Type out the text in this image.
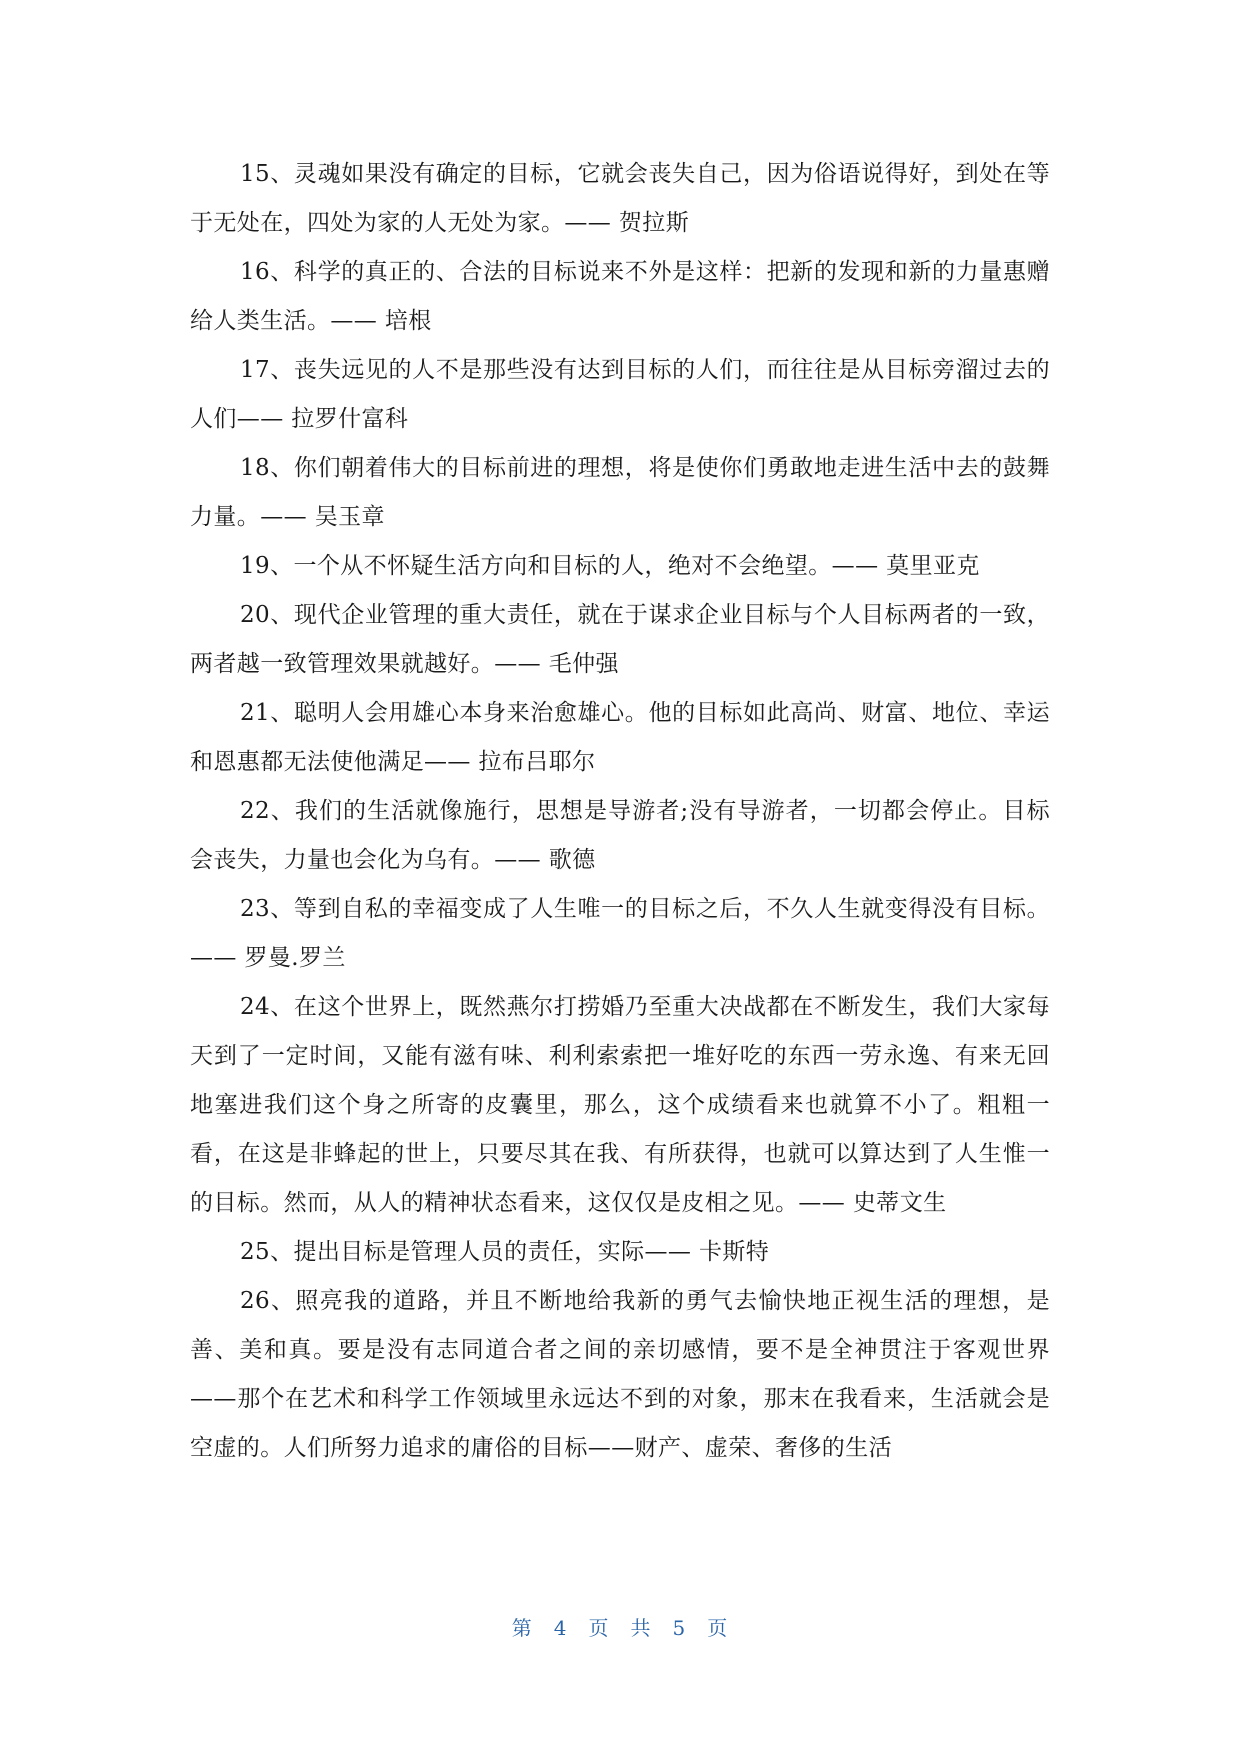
15、灵魂如果没有确定的目标，它就会丧失自己，因为俗语说得好，到处在等于无处在，四处为家的人无处为家。—— 贺拉斯

16、科学的真正的、合法的目标说来不外是这样：把新的发现和新的力量惠赠给人类生活。—— 培根

17、丧失远见的人不是那些没有达到目标的人们，而往往是从目标旁溜过去的人们—— 拉罗什富科

18、你们朝着伟大的目标前进的理想，将是使你们勇敢地走进生活中去的鼓舞力量。—— 吴玉章

19、一个从不怀疑生活方向和目标的人，绝对不会绝望。—— 莫里亚克

20、现代企业管理的重大责任，就在于谋求企业目标与个人目标两者的一致，两者越一致管理效果就越好。—— 毛仲强

21、聪明人会用雄心本身来治愈雄心。他的目标如此高尚、财富、地位、幸运和恩惠都无法使他满足—— 拉布吕耶尔

22、我们的生活就像施行，思想是导游者;没有导游者，一切都会停止。目标会丧失，力量也会化为乌有。—— 歌德

23、等到自私的幸福变成了人生唯一的目标之后，不久人生就变得没有目标。—— 罗曼.罗兰

24、在这个世界上，既然燕尔打捞婚乃至重大决战都在不断发生，我们大家每天到了一定时间，又能有滋有味、利利索索把一堆好吃的东西一劳永逸、有来无回地塞进我们这个身之所寄的皮囊里，那么，这个成绩看来也就算不小了。粗粗一看，在这是非蜂起的世上，只要尽其在我、有所获得，也就可以算达到了人生惟一的目标。然而，从人的精神状态看来，这仅仅是皮相之见。—— 史蒂文生

25、提出目标是管理人员的责任，实际—— 卡斯特

26、照亮我的道路，并且不断地给我新的勇气去愉快地正视生活的理想，是善、美和真。要是没有志同道合者之间的亲切感情，要不是全神贯注于客观世界——那个在艺术和科学工作领域里永远达不到的对象，那末在我看来，生活就会是空虚的。人们所努力追求的庸俗的目标——财产、虚荣、奢侈的生活

第 4 页 共 5 页
